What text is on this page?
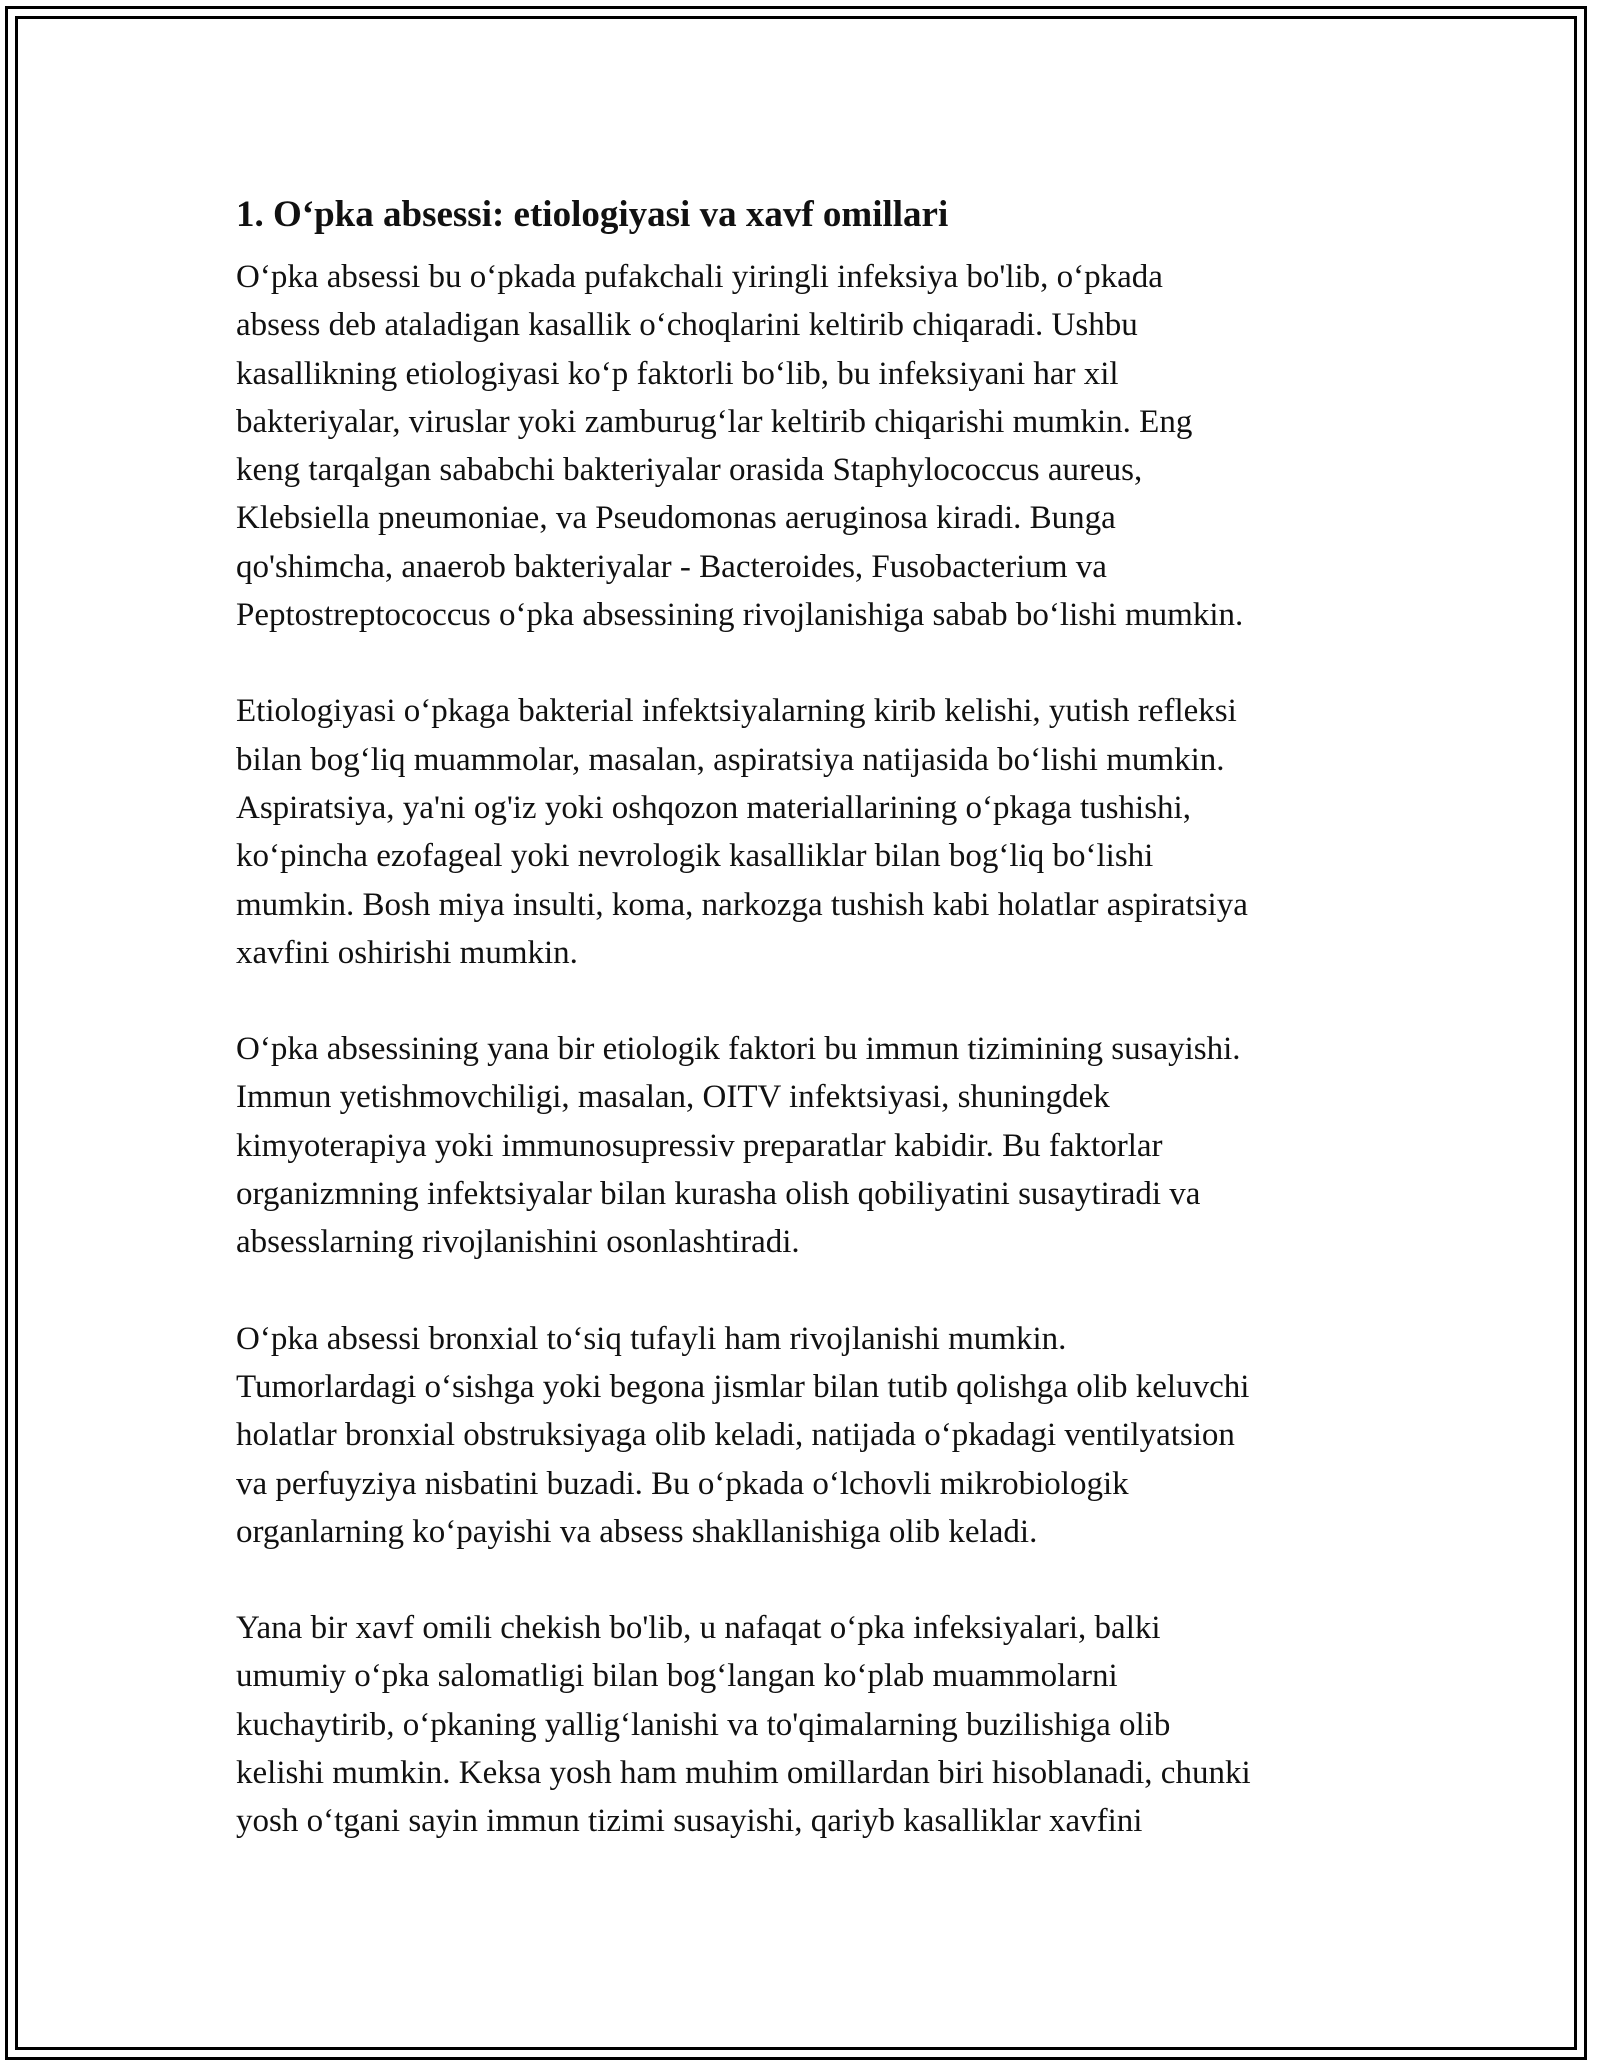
1. O‘pka absessi: etiologiyasi va xavf omillari

O‘pka absessi bu o‘pkada pufakchali yiringli infeksiya bo'lib, o‘pkada
absess deb ataladigan kasallik o‘choqlarini keltirib chiqaradi. Ushbu
kasallikning etiologiyasi ko‘p faktorli bo‘lib, bu infeksiyani har xil
bakteriyalar, viruslar yoki zamburug‘lar keltirib chiqarishi mumkin. Eng
keng tarqalgan sababchi bakteriyalar orasida Staphylococcus aureus,
Klebsiella pneumoniae, va Pseudomonas aeruginosa kiradi. Bunga
qo'shimcha, anaerob bakteriyalar - Bacteroides, Fusobacterium va
Peptostreptococcus o‘pka absessining rivojlanishiga sabab bo‘lishi mumkin.

Etiologiyasi o‘pkaga bakterial infektsiyalarning kirib kelishi, yutish refleksi
bilan bog‘liq muammolar, masalan, aspiratsiya natijasida bo‘lishi mumkin.
Aspiratsiya, ya'ni og'iz yoki oshqozon materiallarining o‘pkaga tushishi,
ko‘pincha ezofageal yoki nevrologik kasalliklar bilan bog‘liq bo‘lishi
mumkin. Bosh miya insulti, koma, narkozga tushish kabi holatlar aspiratsiya
xavfini oshirishi mumkin.

O‘pka absessining yana bir etiologik faktori bu immun tizimining susayishi.
Immun yetishmovchiligi, masalan, OITV infektsiyasi, shuningdek
kimyoterapiya yoki immunosupressiv preparatlar kabidir. Bu faktorlar
organizmning infektsiyalar bilan kurasha olish qobiliyatini susaytiradi va
absesslarning rivojlanishini osonlashtiradi.

O‘pka absessi bronxial to‘siq tufayli ham rivojlanishi mumkin.
Tumorlardagi o‘sishga yoki begona jismlar bilan tutib qolishga olib keluvchi
holatlar bronxial obstruksiyaga olib keladi, natijada o‘pkadagi ventilyatsion
va perfuyziya nisbatini buzadi. Bu o‘pkada o‘lchovli mikrobiologik
organlarning ko‘payishi va absess shakllanishiga olib keladi.

Yana bir xavf omili chekish bo'lib, u nafaqat o‘pka infeksiyalari, balki
umumiy o‘pka salomatligi bilan bog‘langan ko‘plab muammolarni
kuchaytirib, o‘pkaning yallig‘lanishi va to'qimalarning buzilishiga olib
kelishi mumkin. Keksa yosh ham muhim omillardan biri hisoblanadi, chunki
yosh o‘tgani sayin immun tizimi susayishi, qariyb kasalliklar xavfini
